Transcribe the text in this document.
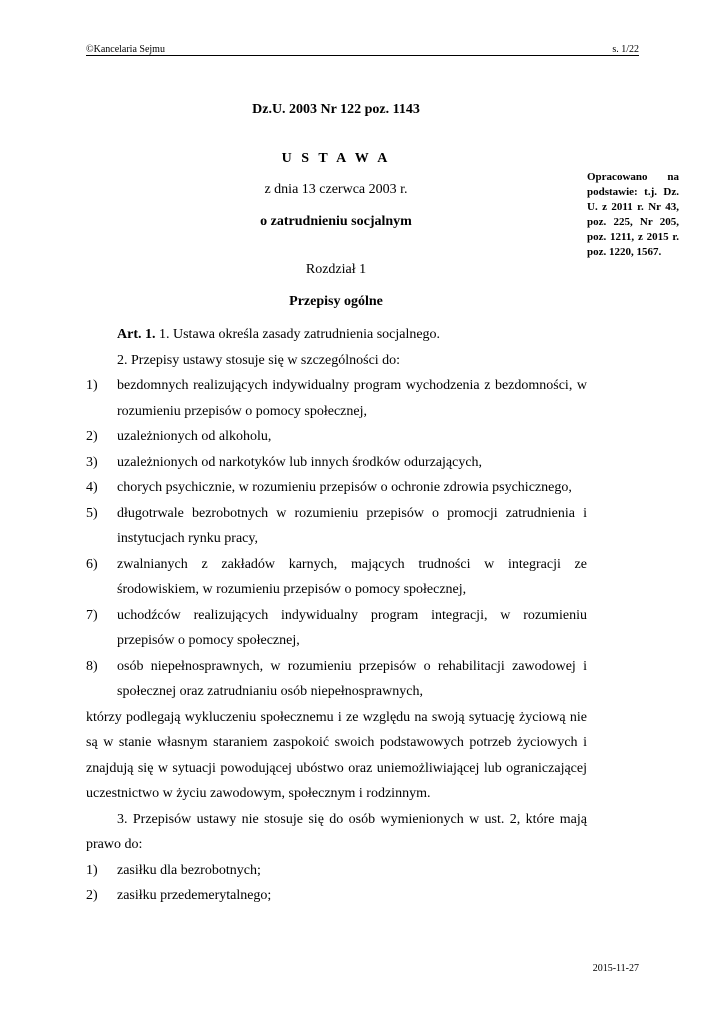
©Kancelaria Sejmu	s. 1/22
Dz.U. 2003 Nr 122 poz. 1143
U S T A W A
z dnia 13 czerwca 2003 r.
o zatrudnieniu socjalnym
Rozdział 1
Przepisy ogólne
Opracowano na podstawie: t.j. Dz. U. z 2011 r. Nr 43, poz. 225, Nr 205, poz. 1211, z 2015 r. poz. 1220, 1567.

Art. 1. 1. Ustawa określa zasady zatrudnienia socjalnego.

2. Przepisy ustawy stosuje się w szczególności do:

1)	bezdomnych realizujących indywidualny program wychodzenia z bezdomności, w rozumieniu przepisów o pomocy społecznej,
2)	uzależnionych od alkoholu,
3)	uzależnionych od narkotyków lub innych środków odurzających,
4)	chorych psychicznie, w rozumieniu przepisów o ochronie zdrowia psychicznego,
5)	długotrwale bezrobotnych w rozumieniu przepisów o promocji zatrudnienia i instytucjach rynku pracy,
6)	zwalnianych z zakładów karnych, mających trudności w integracji ze środowiskiem, w rozumieniu przepisów o pomocy społecznej,
7)	uchodźców realizujących indywidualny program integracji, w rozumieniu przepisów o pomocy społecznej,
8)	osób niepełnosprawnych, w rozumieniu przepisów o rehabilitacji zawodowej i społecznej oraz zatrudnianiu osób niepełnosprawnych,

którzy podlegają wykluczeniu społecznemu i ze względu na swoją sytuację życiową nie są w stanie własnym staraniem zaspokoić swoich podstawowych potrzeb życiowych i znajdują się w sytuacji powodującej ubóstwo oraz uniemożliwiającej lub ograniczającej uczestnictwo w życiu zawodowym, społecznym i rodzinnym.

3. Przepisów ustawy nie stosuje się do osób wymienionych w ust. 2, które mają prawo do:

1)	zasiłku dla bezrobotnych;
2)	zasiłku przedemerytalnego;
2015-11-27
